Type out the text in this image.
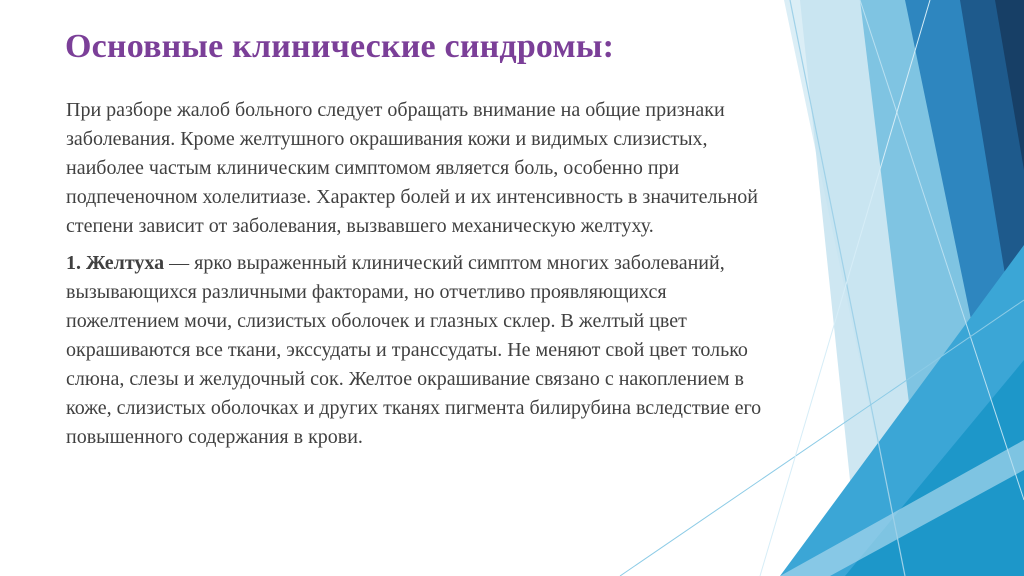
Основные клинические синдромы:

При разборе жалоб больного следует обращать внимание на общие признаки заболевания. Кроме желтушного окрашивания кожи и видимых слизистых, наиболее частым клиническим симптомом является боль, особенно при подпеченочном холелитиазе. Характер болей и их интенсивность в значительной степени зависит от заболевания, вызвавшего механическую желтуху.

1. Желтуха — ярко выраженный клинический симптом многих заболеваний, вызывающихся различными факторами, но отчетливо проявляющихся пожелтением мочи, слизистых оболочек и глазных склер. В желтый цвет окрашиваются все ткани, экссудаты и транссудаты. Не меняют свой цвет только слюна, слезы и желудочный сок. Желтое окрашивание связано с накоплением в коже, слизистых оболочках и других тканях пигмента билирубина вследствие его повышенного содержания в крови.
